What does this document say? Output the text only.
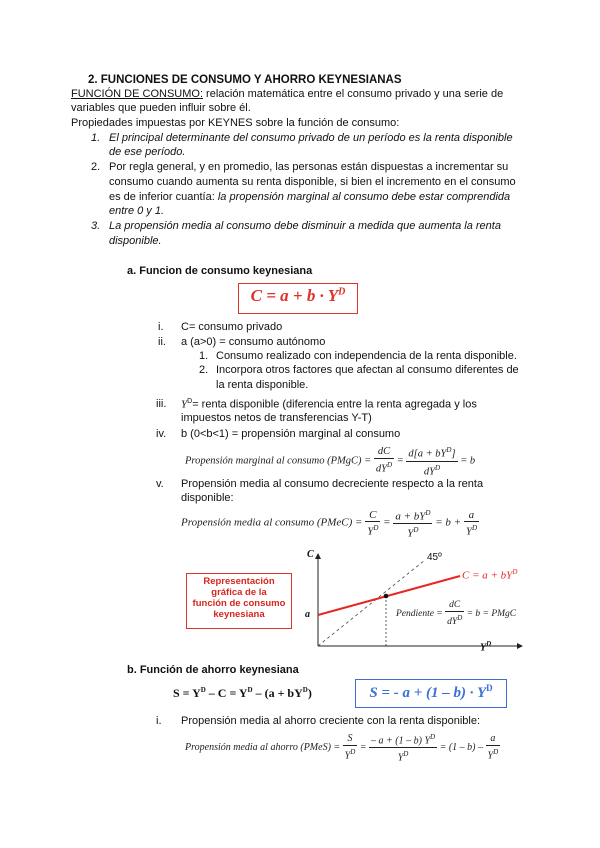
2. FUNCIONES DE CONSUMO Y AHORRO KEYNESIANAS
FUNCIÓN DE CONSUMO: relación matemática entre el consumo privado y una serie de
variables que pueden influir sobre él.
Propiedades impuestas por KEYNES sobre la función de consumo:
1. El principal determinante del consumo privado de un período es la renta disponible
de ese período.
2. Por regla general, y en promedio, las personas están dispuestas a incrementar su
consumo cuando aumenta su renta disponible, si bien el incremento en el consumo
es de inferior cuantía: la propensión marginal al consumo debe estar comprendida
entre 0 y 1.
3. La propensión media al consumo debe disminuir a medida que aumenta la renta
disponible.
a. Funcion de consumo keynesiana
$C = a + b \cdot Y^D$
i. C= consumo privado
ii. a (a>0) = consumo autónomo
1. Consumo realizado con independencia de la renta disponible.
2. Incorpora otros factores que afectan al consumo diferentes de
la renta disponible.
iii. $Y^D=$ renta disponible (diferencia entre la renta agregada y los
impuestos netos de transferencias Y-T)
iv. b (0<b<1) = propensión marginal al consumo
Propensión marginal al consumo (PMgC) = $\frac{dC}{dY^D} = \frac{d[a + bY^D]}{dY^D} = b$
v. Propensión media al consumo decreciente respecto a la renta
disponible:
Propensión media al consumo (PMeC) = $\frac{C}{Y^D} = \frac{a + bY^D}{Y^D} = b + \frac{a}{Y^D}$
Representación
gráfica de la
función de consumo
keynesiana
C
$Y^D$
45º
a
$C = a + bY^D$
Pendiente = $\frac{dC}{dY^D} = b$ = PMgC
b. Función de ahorro keynesiana
$S = Y^D - C = Y^D - (a + bY^D)$	S = - $a + (1 - b) \cdot Y^D$
i. Propensión media al ahorro creciente con la renta disponible:
Propensión media al ahorro (PMeS) = $\frac{S}{Y^D} = \frac{- a + (1 - b) Y^D}{Y^D} = (1 - b) - \frac{a}{Y^D}$
